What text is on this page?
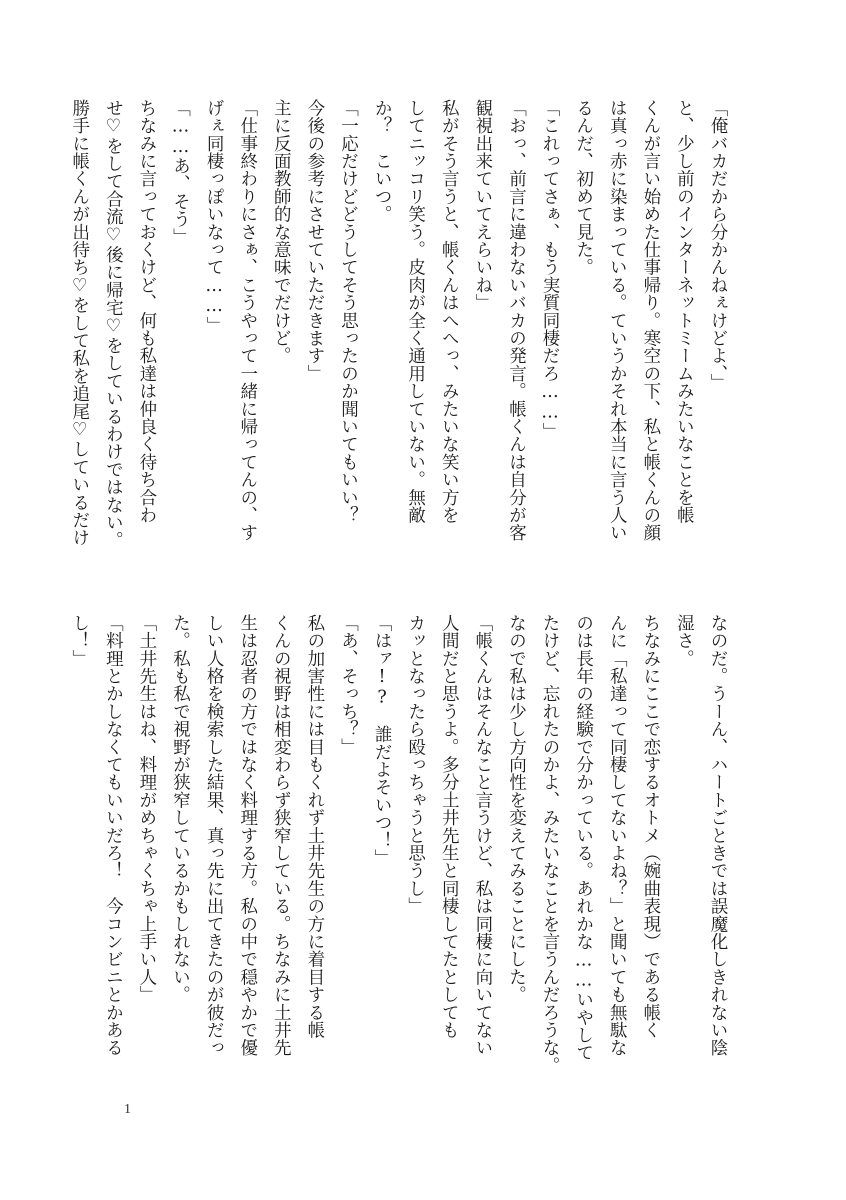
「俺バカだから分かんねぇけどよ、」
と、少し前のインターネットミームみたいなことを帳
くんが言い始めた仕事帰り。寒空の下、私と帳くんの顔
は真っ赤に染まっている。ていうかそれ本当に言う人い
るんだ、初めて見た。
「これってさぁ、もう実質同棲だろ……」
「おっ、前言に違わないバカの発言。帳くんは自分が客
観視出来ていてえらいね」
私がそう言うと、帳くんはへへっ、みたいな笑い方を
してニッコリ笑う。皮肉が全く通用していない。無敵
か？　こいつ。
「一応だけどどうしてそう思ったのか聞いてもいい？
今後の参考にさせていただきます」
主に反面教師的な意味でだけど。
「仕事終わりにさぁ、こうやって一緒に帰ってんの、す
げぇ同棲っぽいなって……」
「……あ、そう」
ちなみに言っておくけど、何も私達は仲良く待ち合わ
せ♡をして合流♡後に帰宅♡をしているわけではない。
勝手に帳くんが出待ち♡をして私を追尾♡しているだけ
なのだ。うーん、ハートごときでは誤魔化しきれない陰
湿さ。
ちなみにここで恋するオトメ（婉曲表現）である帳く
んに「私達って同棲してないよね？」と聞いても無駄な
のは長年の経験で分かっている。あれかな……いやして
たけど、忘れたのかよ、みたいなことを言うんだろうな。
なので私は少し方向性を変えてみることにした。
「帳くんはそんなこと言うけど、私は同棲に向いてない
人間だと思うよ。多分土井先生と同棲してたとしても
カッとなったら殴っちゃうと思うし」
「はァ!?　誰だよそいつ！」
「あ、そっち？」
私の加害性には目もくれず土井先生の方に着目する帳
くんの視野は相変わらず狭窄している。ちなみに土井先
生は忍者の方ではなく料理する方。私の中で穏やかで優
しい人格を検索した結果、真っ先に出てきたのが彼だっ
た。私も私で視野が狭窄しているかもしれない。
「土井先生はね、料理がめちゃくちゃ上手い人」
「料理とかしなくてもいいだろ！　今コンビニとかある
し！」
1
